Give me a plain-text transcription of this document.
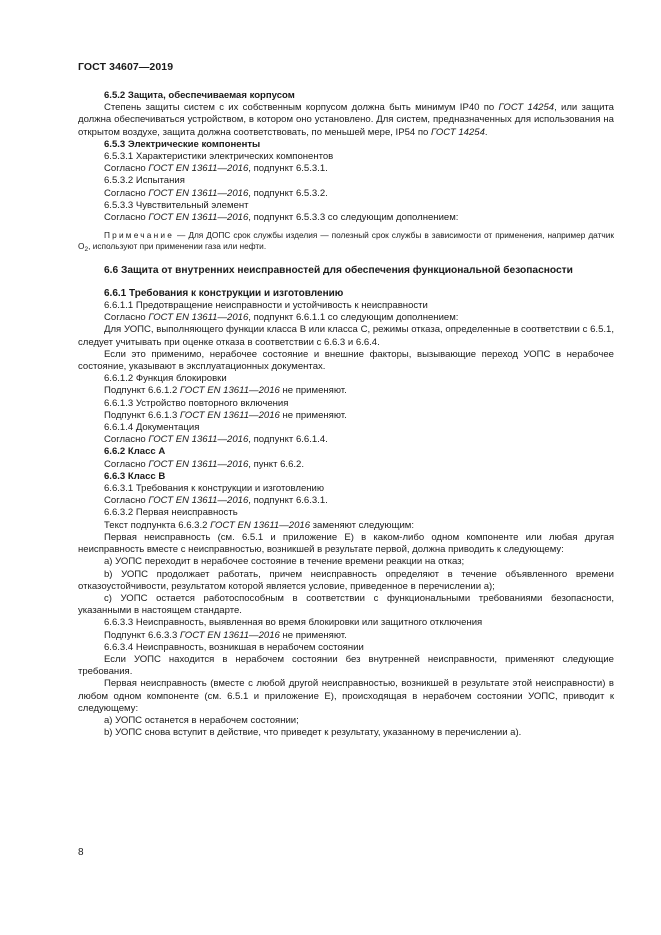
ГОСТ 34607—2019

6.5.2 Защита, обеспечиваемая корпусом

Степень защиты систем с их собственным корпусом должна быть минимум IP40 по ГОСТ 14254, или защита должна обеспечиваться устройством, в котором оно установлено. Для систем, предназначенных для использования на открытом воздухе, защита должна соответствовать, по меньшей мере, IP54 по ГОСТ 14254.

6.5.3 Электрические компоненты

6.5.3.1 Характеристики электрических компонентов

Согласно ГОСТ EN 13611—2016, подпункт 6.5.3.1.

6.5.3.2 Испытания

Согласно ГОСТ EN 13611—2016, подпункт 6.5.3.2.

6.5.3.3 Чувствительный элемент

Согласно ГОСТ EN 13611—2016, подпункт 6.5.3.3 со следующим дополнением:

Примечание — Для ДОПС срок службы изделия — полезный срок службы в зависимости от применения, например датчик $O_2$, используют при применении газа или нефти.

6.6 Защита от внутренних неисправностей для обеспечения функциональной безопасности

6.6.1 Требования к конструкции и изготовлению

6.6.1.1 Предотвращение неисправности и устойчивость к неисправности

Согласно ГОСТ EN 13611—2016, подпункт 6.6.1.1 со следующим дополнением:

Для УОПС, выполняющего функции класса В или класса С, режимы отказа, определенные в соответствии с 6.5.1, следует учитывать при оценке отказа в соответствии с 6.6.3 и 6.6.4.

Если это применимо, нерабочее состояние и внешние факторы, вызывающие переход УОПС в нерабочее состояние, указывают в эксплуатационных документах.

6.6.1.2 Функция блокировки

Подпункт 6.6.1.2 ГОСТ EN 13611—2016 не применяют.

6.6.1.3 Устройство повторного включения

Подпункт 6.6.1.3 ГОСТ EN 13611—2016 не применяют.

6.6.1.4 Документация

Согласно ГОСТ EN 13611—2016, подпункт 6.6.1.4.

6.6.2 Класс А

Согласно ГОСТ EN 13611—2016, пункт 6.6.2.

6.6.3 Класс В

6.6.3.1 Требования к конструкции и изготовлению

Согласно ГОСТ EN 13611—2016, подпункт 6.6.3.1.

6.6.3.2 Первая неисправность

Текст подпункта 6.6.3.2 ГОСТ EN 13611—2016 заменяют следующим:

Первая неисправность (см. 6.5.1 и приложение Е) в каком-либо одном компоненте или любая другая неисправность вместе с неисправностью, возникшей в результате первой, должна приводить к следующему:

a) УОПС переходит в нерабочее состояние в течение времени реакции на отказ;

b) УОПС продолжает работать, причем неисправность определяют в течение объявленного времени отказоустойчивости, результатом которой является условие, приведенное в перечислении а);

c) УОПС остается работоспособным в соответствии с функциональными требованиями безопасности, указанными в настоящем стандарте.

6.6.3.3 Неисправность, выявленная во время блокировки или защитного отключения

Подпункт 6.6.3.3 ГОСТ EN 13611—2016 не применяют.

6.6.3.4 Неисправность, возникшая в нерабочем состоянии

Если УОПС находится в нерабочем состоянии без внутренней неисправности, применяют следующие требования.

Первая неисправность (вместе с любой другой неисправностью, возникшей в результате этой неисправности) в любом одном компоненте (см. 6.5.1 и приложение Е), происходящая в нерабочем состоянии УОПС, приводит к следующему:

a) УОПС останется в нерабочем состоянии;

b) УОПС снова вступит в действие, что приведет к результату, указанному в перечислении а).

8
